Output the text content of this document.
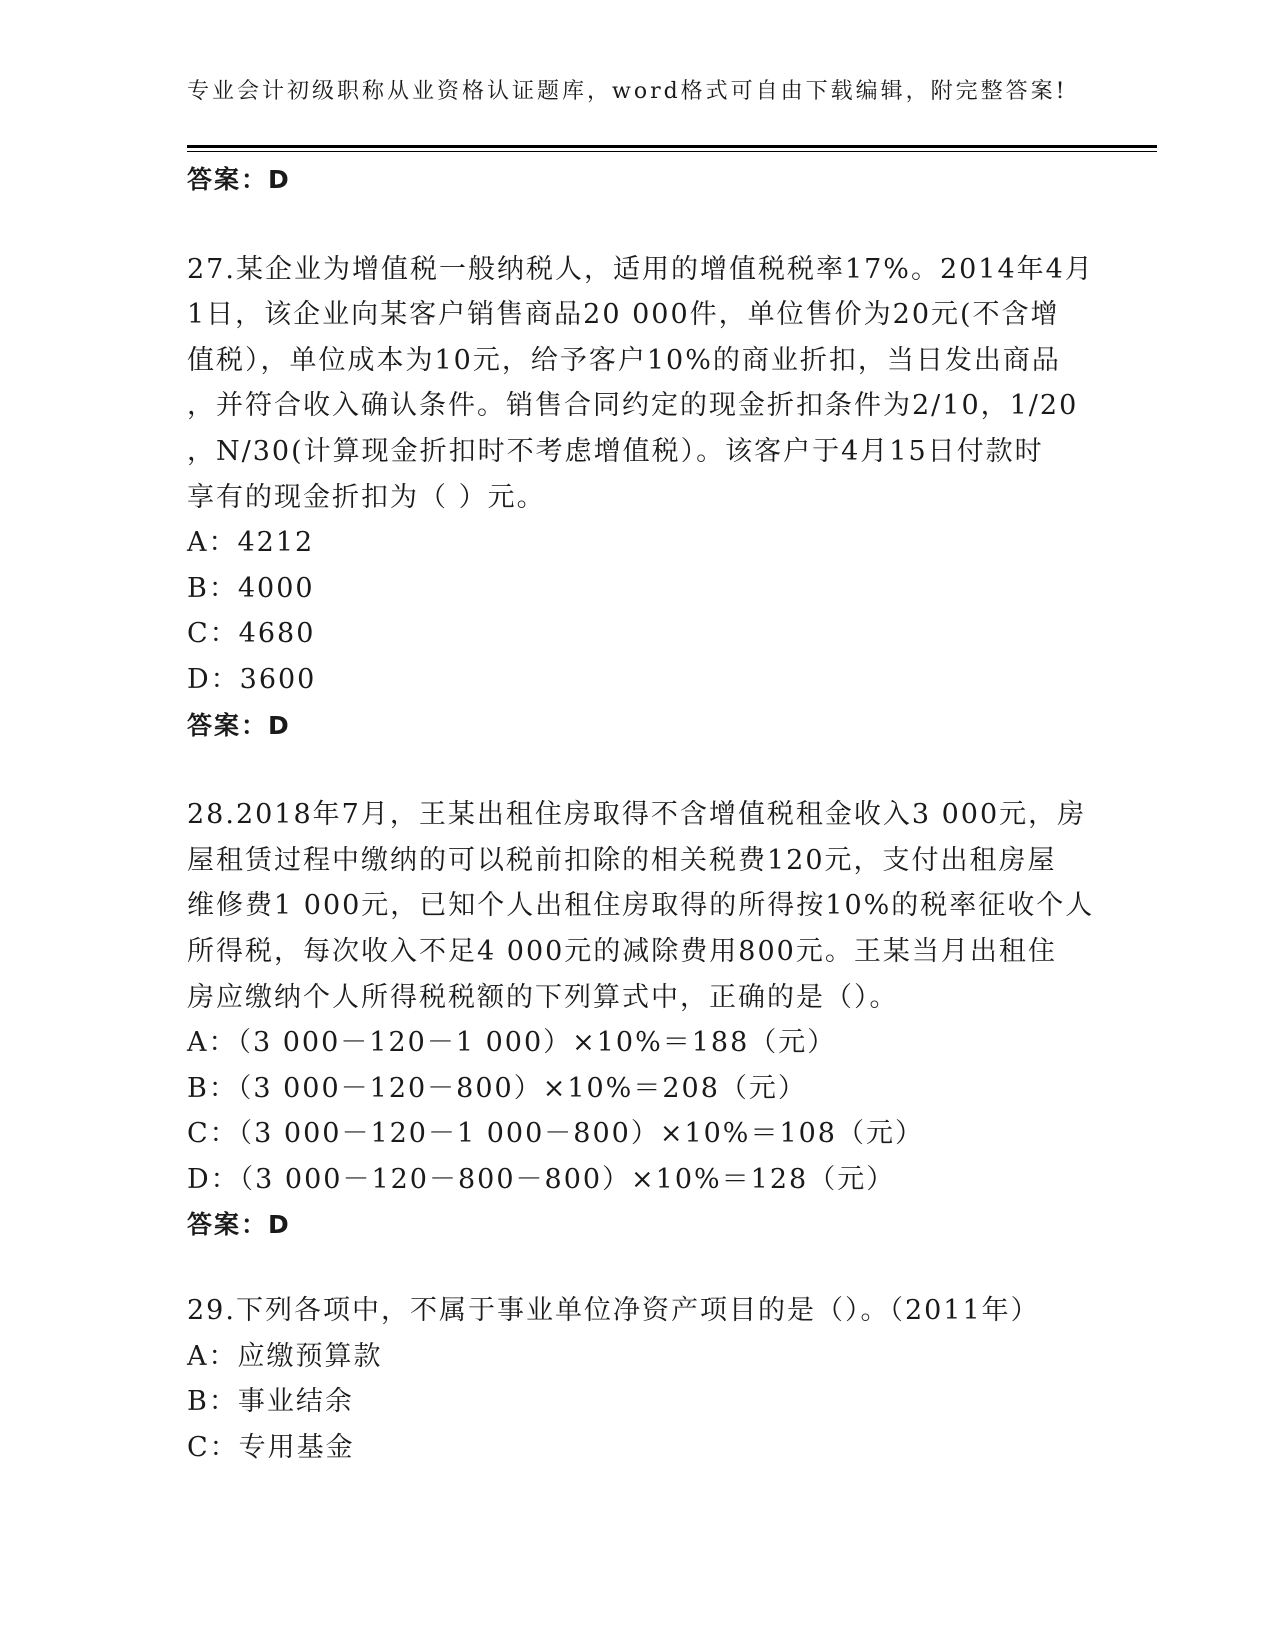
专业会计初级职称从业资格认证题库，word格式可自由下载编辑，附完整答案!
答案：D
27.某企业为增值税一般纳税人，适用的增值税税率17%。2014年4月
1日，该企业向某客户销售商品20 000件，单位售价为20元(不含增
值税），单位成本为10元，给予客户10%的商业折扣，当日发出商品
，并符合收入确认条件。销售合同约定的现金折扣条件为2/10，1/20
，N/30(计算现金折扣时不考虑增值税）。该客户于4月15日付款时
享有的现金折扣为（ ）元。
A：4212
B：4000
C：4680
D：3600
答案：D
28.2018年7月，王某出租住房取得不含增值税租金收入3 000元，房
屋租赁过程中缴纳的可以税前扣除的相关税费120元，支付出租房屋
维修费1 000元，已知个人出租住房取得的所得按10%的税率征收个人
所得税，每次收入不足4 000元的减除费用800元。王某当月出租住
房应缴纳个人所得税税额的下列算式中，正确的是（）。
A：（3 000－120－1 000）×10%＝188（元）
B：（3 000－120－800）×10%＝208（元）
C：（3 000－120－1 000－800）×10%＝108（元）
D：（3 000－120－800－800）×10%＝128（元）
答案：D
29.下列各项中，不属于事业单位净资产项目的是（）。（2011年）
A：应缴预算款
B：事业结余
C：专用基金
